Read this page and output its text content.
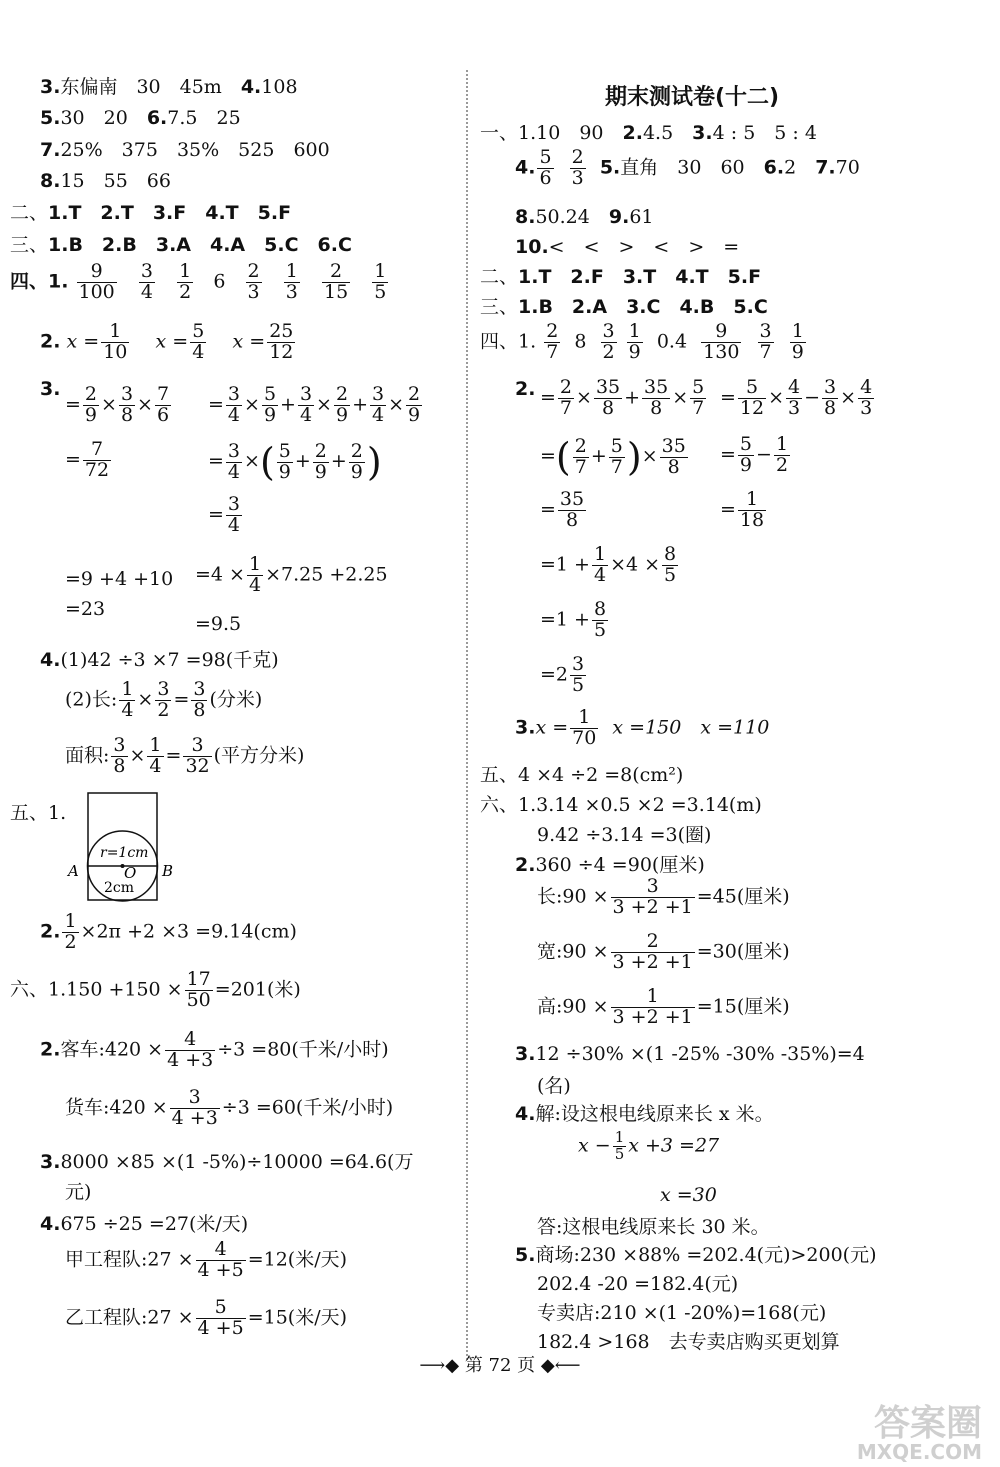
3.东偏南　30　45m　4.108
5.30　20　6.7.5　25
7.25%　375　35%　525　600
8.15　55　66
二、1.T　2.T　3.F　4.T　5.F
三、1.B　2.B　3.A　4.A　5.C　6.C
四、1. $\frac{9}{100}$
$\frac{3}{4}$
$\frac{1}{2} 6 \frac{2}{3}$
$\frac{1}{3}$
$\frac{2}{15}$
$\frac{1}{5}$
2. $x = \frac{1}{10}$ $x = \frac{5}{4}$ $x = \frac{25}{12}$
3.
= $\frac{2}{9} \times \frac{3}{8} \times \frac{7}{6}$
= $\frac{7}{72}$
= $\frac{3}{4} \times \frac{5}{9} + \frac{3}{4} \times \frac{2}{9} + \frac{3}{4} \times \frac{2}{9}$
= $\frac{3}{4}$ ×( $\frac{5}{9} + \frac{2}{9} + \frac{2}{9}$ )
= $\frac{3}{4}$
=9 +4 +10
=23
$=4 \times \frac{1}{4} \times 7.25 +2.25$
=9.5
4.(1)42 ÷3 ×7 =98(千克)
(2)长: $\frac{1}{4} \times \frac{3}{2} = \frac{3}{8}$ (分米)
面积: $\frac{3}{8} \times \frac{1}{4} = \frac{3}{32}$ (平方分米)
五、1.
r=1cm
A	B
O
2cm
2. $\frac{1}{2} \times 2\pi +2 \times 3 =9.14(cm)$
六、$1.150 +150 \times \frac{17}{50} =201$(米)
2.客车:420 × $\frac{4}{4 +3} \div 3 =80$(千米/小时)
货车:420 × $\frac{3}{4 +3} \div 3 =60$(千米/小时)
3.8000 ×85 ×(1 -5%)÷10000 =64.6(万
元)
4.675 ÷25 =27(米/天)
甲工程队:27 × $\frac{4}{4 +5} =12$(米/天)
乙工程队:27 × $\frac{5}{4 +5} =15$(米/天)
期末测试卷(十二)
一、1.10　90　2.4.5　3.4 : 5　5 : 4
4. $\frac{5}{6}$
$\frac{2}{3} 5$.直角　30　60　6.2　7.70
8.50.24　9.61
10.<　<　>　<　>　=
二、1.T　2.F　3.T　4.T　5.F
三、1.B　2.A　3.C　4.B　5.C
四、1. $\frac{2}{7} 8 \frac{3}{2}$
$\frac{1}{9} 0.4 \frac{9}{130}$
$\frac{3}{7}$
$\frac{1}{9}$
2. = $\frac{2}{7} \times \frac{35}{8} + \frac{35}{8} \times \frac{5}{7}$
=( $\frac{2}{7} + \frac{5}{7}$ )× $\frac{35}{8}$
= $\frac{35}{8}$
= $\frac{5}{12} \times \frac{4}{3} - \frac{3}{8} \times \frac{4}{3}$
= $\frac{5}{9} - \frac{1}{2}$
= $\frac{1}{18}$
$=1 + \frac{1}{4} \times 4 \times \frac{8}{5}$
$=1 + \frac{8}{5}$
$=2 \frac{3}{5}$
$3.x = \frac{1}{70}$ x =150　x =110
五、4 ×4 ÷2 =8(cm²)
六、1.3.14 ×0.5 ×2 =3.14(m)
9.42 ÷3.14 =3(圈)
2.360 ÷4 =90(厘米)
长:90 × $\frac{3}{3 +2 +1} =45$(厘米)
宽:90 × $\frac{2}{3 +2 +1} =30$(厘米)
高:90 × $\frac{1}{3 +2 +1} =15$(厘米)
3.12 ÷30% ×(1 -25% -30% -35%)=4
(名)
4.解:设这根电线原来长 x 米。
$x - \frac{1}{5}$ x +3 =27
x =30
答:这根电线原来长 30 米。
5.商场:230 ×88% =202.4(元)>200(元)
202.4 -20 =182.4(元)
专卖店:210 ×(1 -20%)=168(元)
182.4 >168　去专卖店购买更划算
⟶◆ 第 72 页 ◆⟵
答案圈
MXQE.COM
